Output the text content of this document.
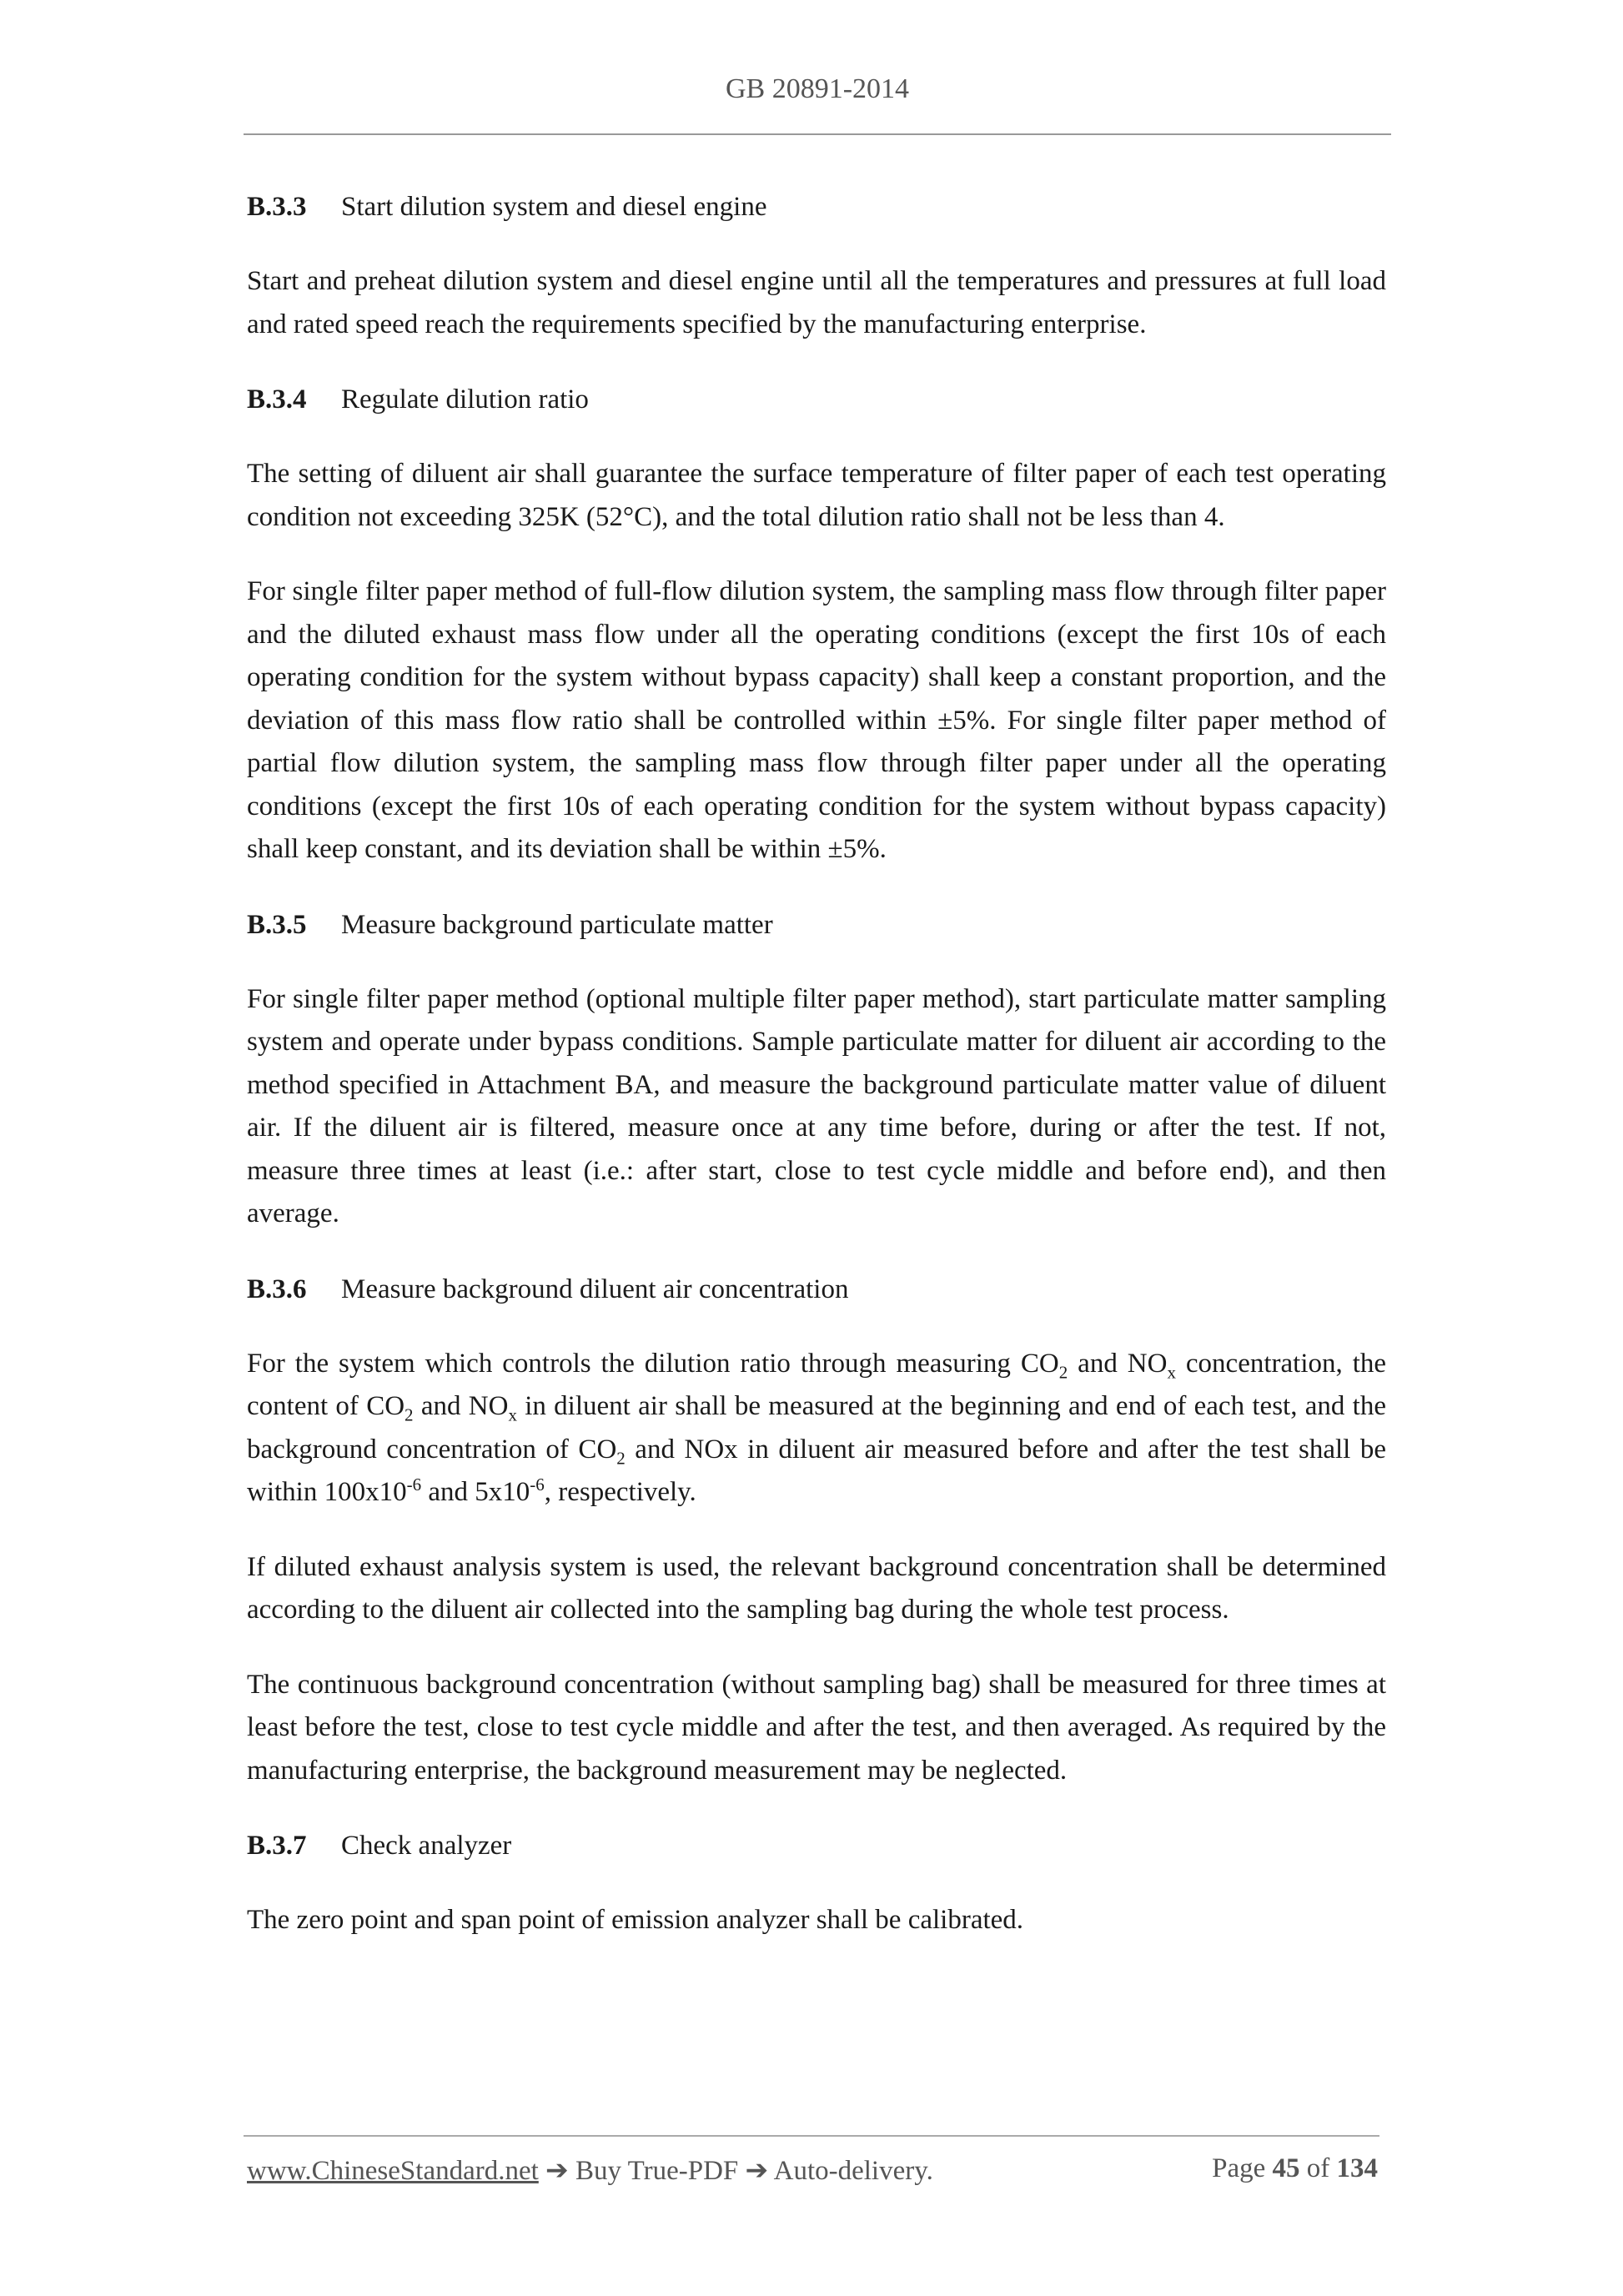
GB 20891-2014
B.3.3 Start dilution system and diesel engine

Start and preheat dilution system and diesel engine until all the temperatures and pressures at full load and rated speed reach the requirements specified by the manufacturing enterprise.

B.3.4 Regulate dilution ratio

The setting of diluent air shall guarantee the surface temperature of filter paper of each test operating condition not exceeding 325K (52°C), and the total dilution ratio shall not be less than 4.

For single filter paper method of full-flow dilution system, the sampling mass flow through filter paper and the diluted exhaust mass flow under all the operating conditions (except the first 10s of each operating condition for the system without bypass capacity) shall keep a constant proportion, and the deviation of this mass flow ratio shall be controlled within ±5%. For single filter paper method of partial flow dilution system, the sampling mass flow through filter paper under all the operating conditions (except the first 10s of each operating condition for the system without bypass capacity) shall keep constant, and its deviation shall be within ±5%.

B.3.5 Measure background particulate matter

For single filter paper method (optional multiple filter paper method), start particulate matter sampling system and operate under bypass conditions. Sample particulate matter for diluent air according to the method specified in Attachment BA, and measure the background particulate matter value of diluent air. If the diluent air is filtered, measure once at any time before, during or after the test. If not, measure three times at least (i.e.: after start, close to test cycle middle and before end), and then average.

B.3.6 Measure background diluent air concentration

For the system which controls the dilution ratio through measuring $CO_2$ and $NO_x$ concentration, the content of $CO_2$ and $NO_x$ in diluent air shall be measured at the beginning and end of each test, and the background concentration of $CO_2$ and NOx in diluent air measured before and after the test shall be within $100x10^{-6}$ and $5x10^{-6}$, respectively.

If diluted exhaust analysis system is used, the relevant background concentration shall be determined according to the diluent air collected into the sampling bag during the whole test process.

The continuous background concentration (without sampling bag) shall be measured for three times at least before the test, close to test cycle middle and after the test, and then averaged. As required by the manufacturing enterprise, the background measurement may be neglected.

B.3.7 Check analyzer

The zero point and span point of emission analyzer shall be calibrated.

www.ChineseStandard.net ➔ Buy True-PDF ➔ Auto-delivery.	Page 45 of 134
